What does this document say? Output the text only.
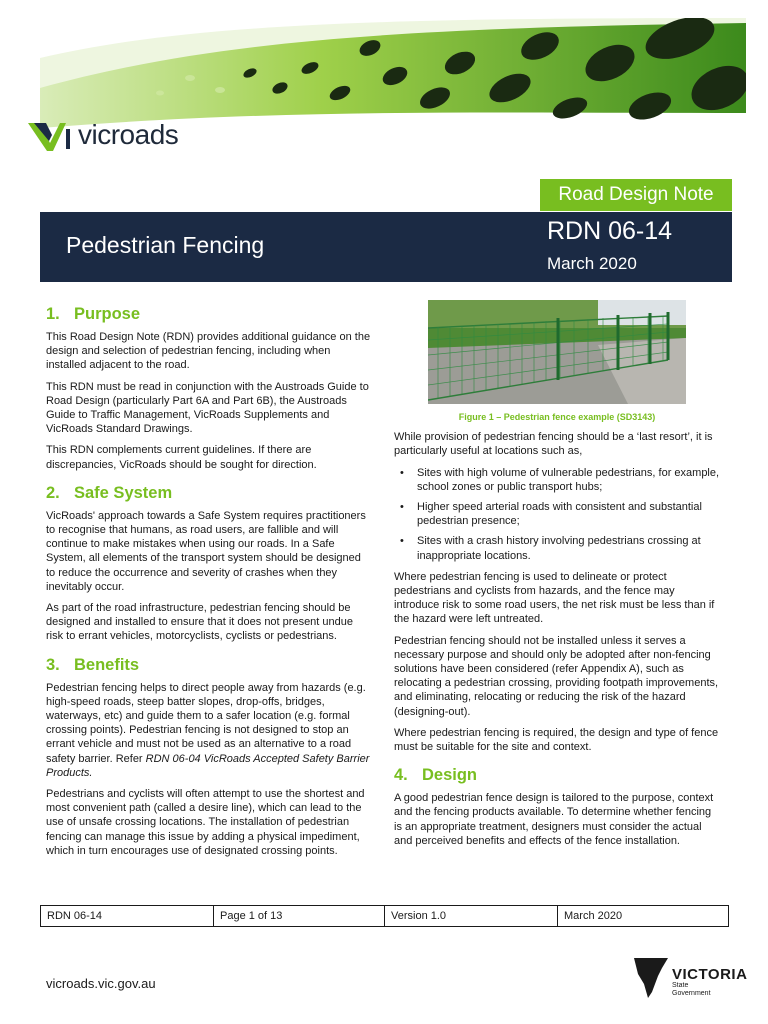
vicroads
Road Design Note
Pedestrian Fencing	RDN 06-14
March 2020
1. Purpose

This Road Design Note (RDN) provides additional guidance on the design and selection of pedestrian fencing, including when installed adjacent to the road.

This RDN must be read in conjunction with the Austroads Guide to Road Design (particularly Part 6A and Part 6B), the Austroads Guide to Traffic Management, VicRoads Supplements and VicRoads Standard Drawings.

This RDN complements current guidelines. If there are discrepancies, VicRoads should be sought for direction.

2. Safe System

VicRoads' approach towards a Safe System requires practitioners to recognise that humans, as road users, are fallible and will continue to make mistakes when using our roads. In a Safe System, all elements of the transport system should be designed to reduce the occurrence and severity of crashes when they inevitably occur.

As part of the road infrastructure, pedestrian fencing should be designed and installed to ensure that it does not present undue risk to errant vehicles, motorcyclists, cyclists or pedestrians.

3. Benefits

Pedestrian fencing helps to direct people away from hazards (e.g. high-speed roads, steep batter slopes, drop-offs, bridges, waterways, etc) and guide them to a safer location (e.g. formal crossing points). Pedestrian fencing is not designed to stop an errant vehicle and must not be used as an alternative to a road safety barrier. Refer RDN 06-04 VicRoads Accepted Safety Barrier Products.

Pedestrians and cyclists will often attempt to use the shortest and most convenient path (called a desire line), which can lead to the use of unsafe crossing locations. The installation of pedestrian fencing can manage this issue by adding a physical impediment, which in turn encourages use of designated crossing points.

Figure 1 – Pedestrian fence example (SD3143)

While provision of pedestrian fencing should be a ‘last resort’, it is particularly useful at locations such as,

• Sites with high volume of vulnerable pedestrians, for example, school zones or public transport hubs;
• Higher speed arterial roads with consistent and substantial pedestrian presence;
• Sites with a crash history involving pedestrians crossing at inappropriate locations.

Where pedestrian fencing is used to delineate or protect pedestrians and cyclists from hazards, and the fence may introduce risk to some road users, the net risk must be less than if the hazard were left untreated.

Pedestrian fencing should not be installed unless it serves a necessary purpose and should only be adopted after non-fencing solutions have been considered (refer Appendix A), such as relocating a pedestrian crossing, providing footpath improvements, and eliminating, relocating or reducing the risk of the hazard (designing-out).

Where pedestrian fencing is required, the design and type of fence must be suitable for the site and context.

4. Design

A good pedestrian fence design is tailored to the purpose, context and the fencing products available. To determine whether fencing is an appropriate treatment, designers must consider the actual and perceived benefits and effects of the fence installation.

RDN 06-14	Page 1 of 13	Version 1.0	March 2020
vicroads.vic.gov.au
VICTORIA
State
Government
